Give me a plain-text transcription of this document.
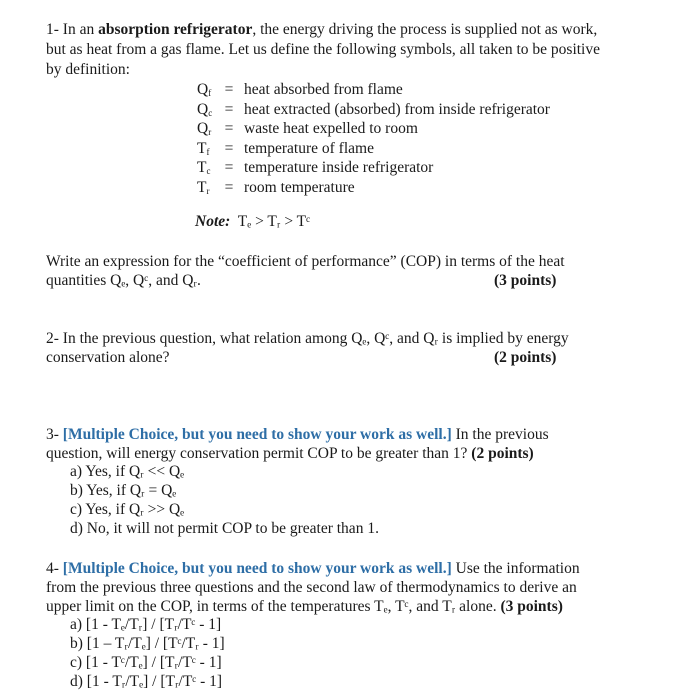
1- In an absorption refrigerator, the energy driving the process is supplied not as work,
but as heat from a gas flame. Let us define the following symbols, all taken to be positive
by definition:
$Q_f$ = heat absorbed from flame
$Q_c$ = heat extracted (absorbed) from inside refrigerator
$Q_r$ = waste heat expelled to room
$T_f$ = temperature of flame
$T_c$ = temperature inside refrigerator
$T_r$ = room temperature
Note: Tₑ > Tᵣ > Tᶜ
Write an expression for the “coefficient of performance” (COP) in terms of the heat
quantities Qₑ, Qᶜ, and Qᵣ.	(3 points)
2- In the previous question, what relation among Qₑ, Qᶜ, and Qᵣ is implied by energy
conservation alone?	(2 points)
3- [Multiple Choice, but you need to show your work as well.] In the previous
question, will energy conservation permit COP to be greater than 1? (2 points)
a) Yes, if Qᵣ << Qₑ
b) Yes, if Qᵣ = Qₑ
c) Yes, if Qᵣ >> Qₑ
d) No, it will not permit COP to be greater than 1.
4- [Multiple Choice, but you need to show your work as well.] Use the information
from the previous three questions and the second law of thermodynamics to derive an
upper limit on the COP, in terms of the temperatures Tₑ, Tᶜ, and Tᵣ alone. (3 points)
a) [1 - Tₑ/Tᵣ] / [Tᵣ/Tᶜ - 1]
b) [1 – Tᵣ/Tₑ] / [Tᶜ/Tᵣ - 1]
c) [1 - Tᶜ/Tₑ] / [Tᵣ/Tᶜ - 1]
d) [1 - Tᵣ/Tₑ] / [Tᵣ/Tᶜ - 1]
